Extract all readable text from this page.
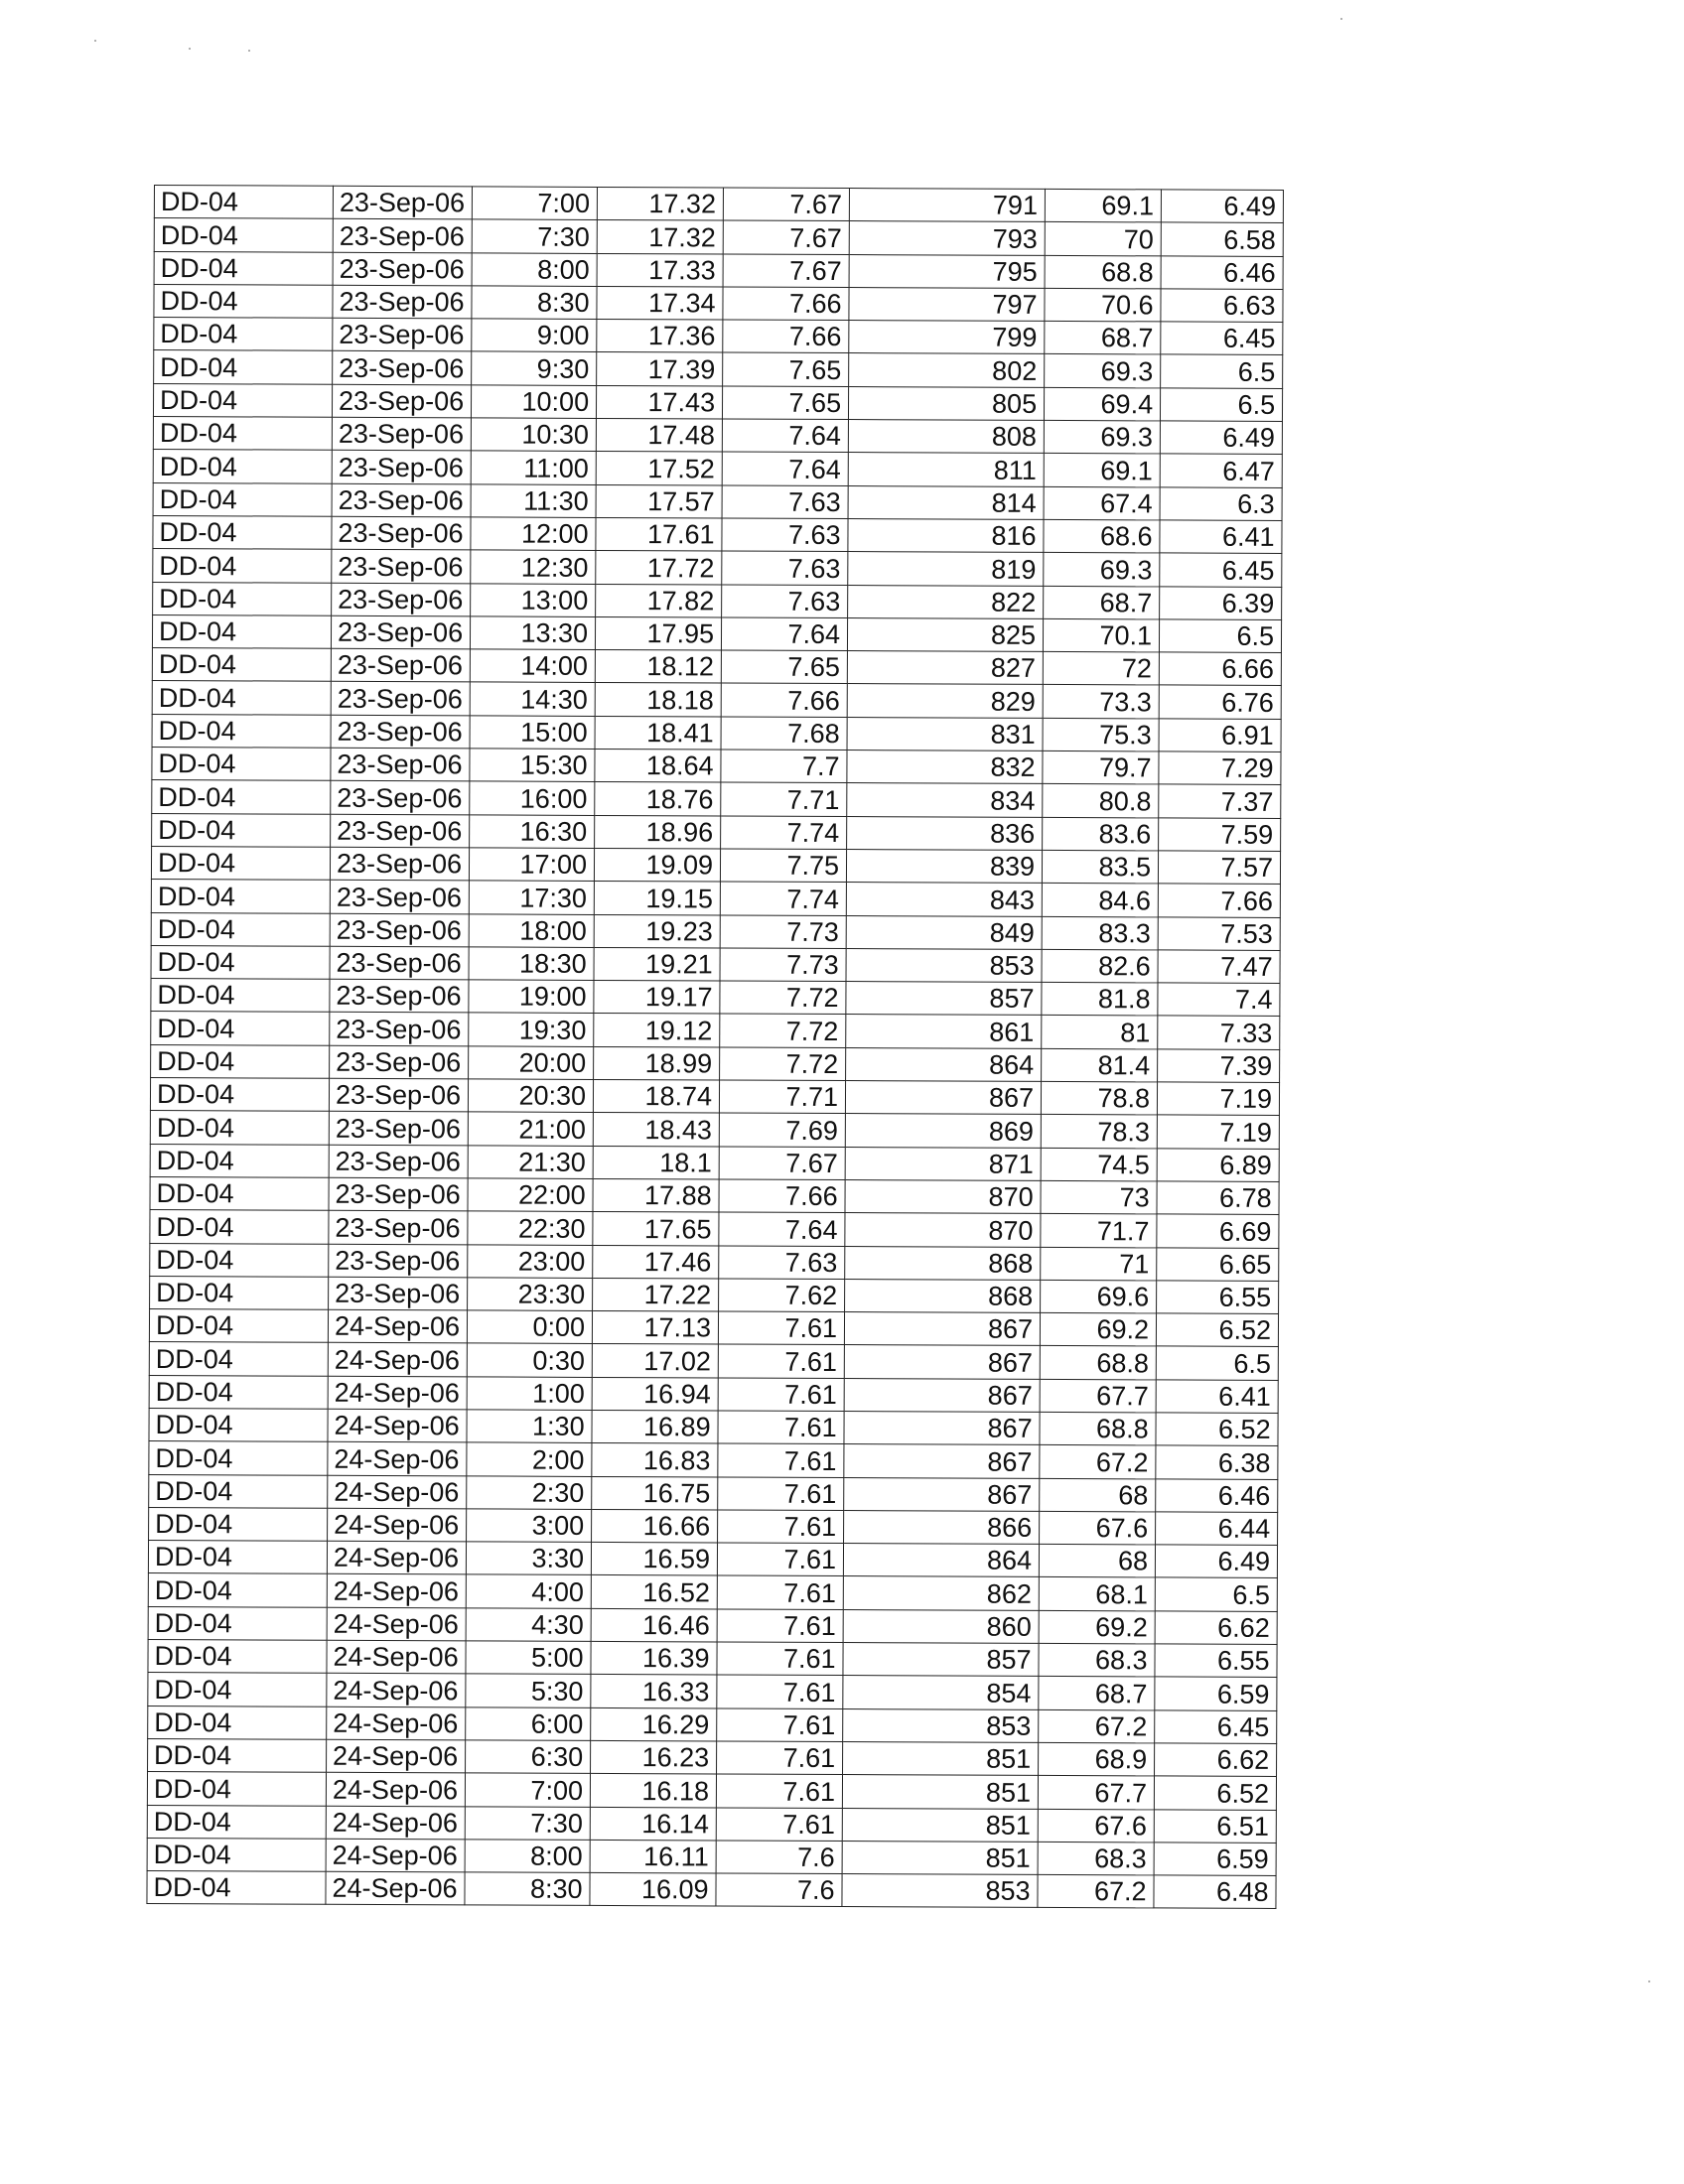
DD-04	23-Sep-06	7:00	17.32	7.67	791	69.1	6.49
DD-04	23-Sep-06	7:30	17.32	7.67	793	70	6.58
DD-04	23-Sep-06	8:00	17.33	7.67	795	68.8	6.46
DD-04	23-Sep-06	8:30	17.34	7.66	797	70.6	6.63
DD-04	23-Sep-06	9:00	17.36	7.66	799	68.7	6.45
DD-04	23-Sep-06	9:30	17.39	7.65	802	69.3	6.5
DD-04	23-Sep-06	10:00	17.43	7.65	805	69.4	6.5
DD-04	23-Sep-06	10:30	17.48	7.64	808	69.3	6.49
DD-04	23-Sep-06	11:00	17.52	7.64	811	69.1	6.47
DD-04	23-Sep-06	11:30	17.57	7.63	814	67.4	6.3
DD-04	23-Sep-06	12:00	17.61	7.63	816	68.6	6.41
DD-04	23-Sep-06	12:30	17.72	7.63	819	69.3	6.45
DD-04	23-Sep-06	13:00	17.82	7.63	822	68.7	6.39
DD-04	23-Sep-06	13:30	17.95	7.64	825	70.1	6.5
DD-04	23-Sep-06	14:00	18.12	7.65	827	72	6.66
DD-04	23-Sep-06	14:30	18.18	7.66	829	73.3	6.76
DD-04	23-Sep-06	15:00	18.41	7.68	831	75.3	6.91
DD-04	23-Sep-06	15:30	18.64	7.7	832	79.7	7.29
DD-04	23-Sep-06	16:00	18.76	7.71	834	80.8	7.37
DD-04	23-Sep-06	16:30	18.96	7.74	836	83.6	7.59
DD-04	23-Sep-06	17:00	19.09	7.75	839	83.5	7.57
DD-04	23-Sep-06	17:30	19.15	7.74	843	84.6	7.66
DD-04	23-Sep-06	18:00	19.23	7.73	849	83.3	7.53
DD-04	23-Sep-06	18:30	19.21	7.73	853	82.6	7.47
DD-04	23-Sep-06	19:00	19.17	7.72	857	81.8	7.4
DD-04	23-Sep-06	19:30	19.12	7.72	861	81	7.33
DD-04	23-Sep-06	20:00	18.99	7.72	864	81.4	7.39
DD-04	23-Sep-06	20:30	18.74	7.71	867	78.8	7.19
DD-04	23-Sep-06	21:00	18.43	7.69	869	78.3	7.19
DD-04	23-Sep-06	21:30	18.1	7.67	871	74.5	6.89
DD-04	23-Sep-06	22:00	17.88	7.66	870	73	6.78
DD-04	23-Sep-06	22:30	17.65	7.64	870	71.7	6.69
DD-04	23-Sep-06	23:00	17.46	7.63	868	71	6.65
DD-04	23-Sep-06	23:30	17.22	7.62	868	69.6	6.55
DD-04	24-Sep-06	0:00	17.13	7.61	867	69.2	6.52
DD-04	24-Sep-06	0:30	17.02	7.61	867	68.8	6.5
DD-04	24-Sep-06	1:00	16.94	7.61	867	67.7	6.41
DD-04	24-Sep-06	1:30	16.89	7.61	867	68.8	6.52
DD-04	24-Sep-06	2:00	16.83	7.61	867	67.2	6.38
DD-04	24-Sep-06	2:30	16.75	7.61	867	68	6.46
DD-04	24-Sep-06	3:00	16.66	7.61	866	67.6	6.44
DD-04	24-Sep-06	3:30	16.59	7.61	864	68	6.49
DD-04	24-Sep-06	4:00	16.52	7.61	862	68.1	6.5
DD-04	24-Sep-06	4:30	16.46	7.61	860	69.2	6.62
DD-04	24-Sep-06	5:00	16.39	7.61	857	68.3	6.55
DD-04	24-Sep-06	5:30	16.33	7.61	854	68.7	6.59
DD-04	24-Sep-06	6:00	16.29	7.61	853	67.2	6.45
DD-04	24-Sep-06	6:30	16.23	7.61	851	68.9	6.62
DD-04	24-Sep-06	7:00	16.18	7.61	851	67.7	6.52
DD-04	24-Sep-06	7:30	16.14	7.61	851	67.6	6.51
DD-04	24-Sep-06	8:00	16.11	7.6	851	68.3	6.59
DD-04	24-Sep-06	8:30	16.09	7.6	853	67.2	6.48
